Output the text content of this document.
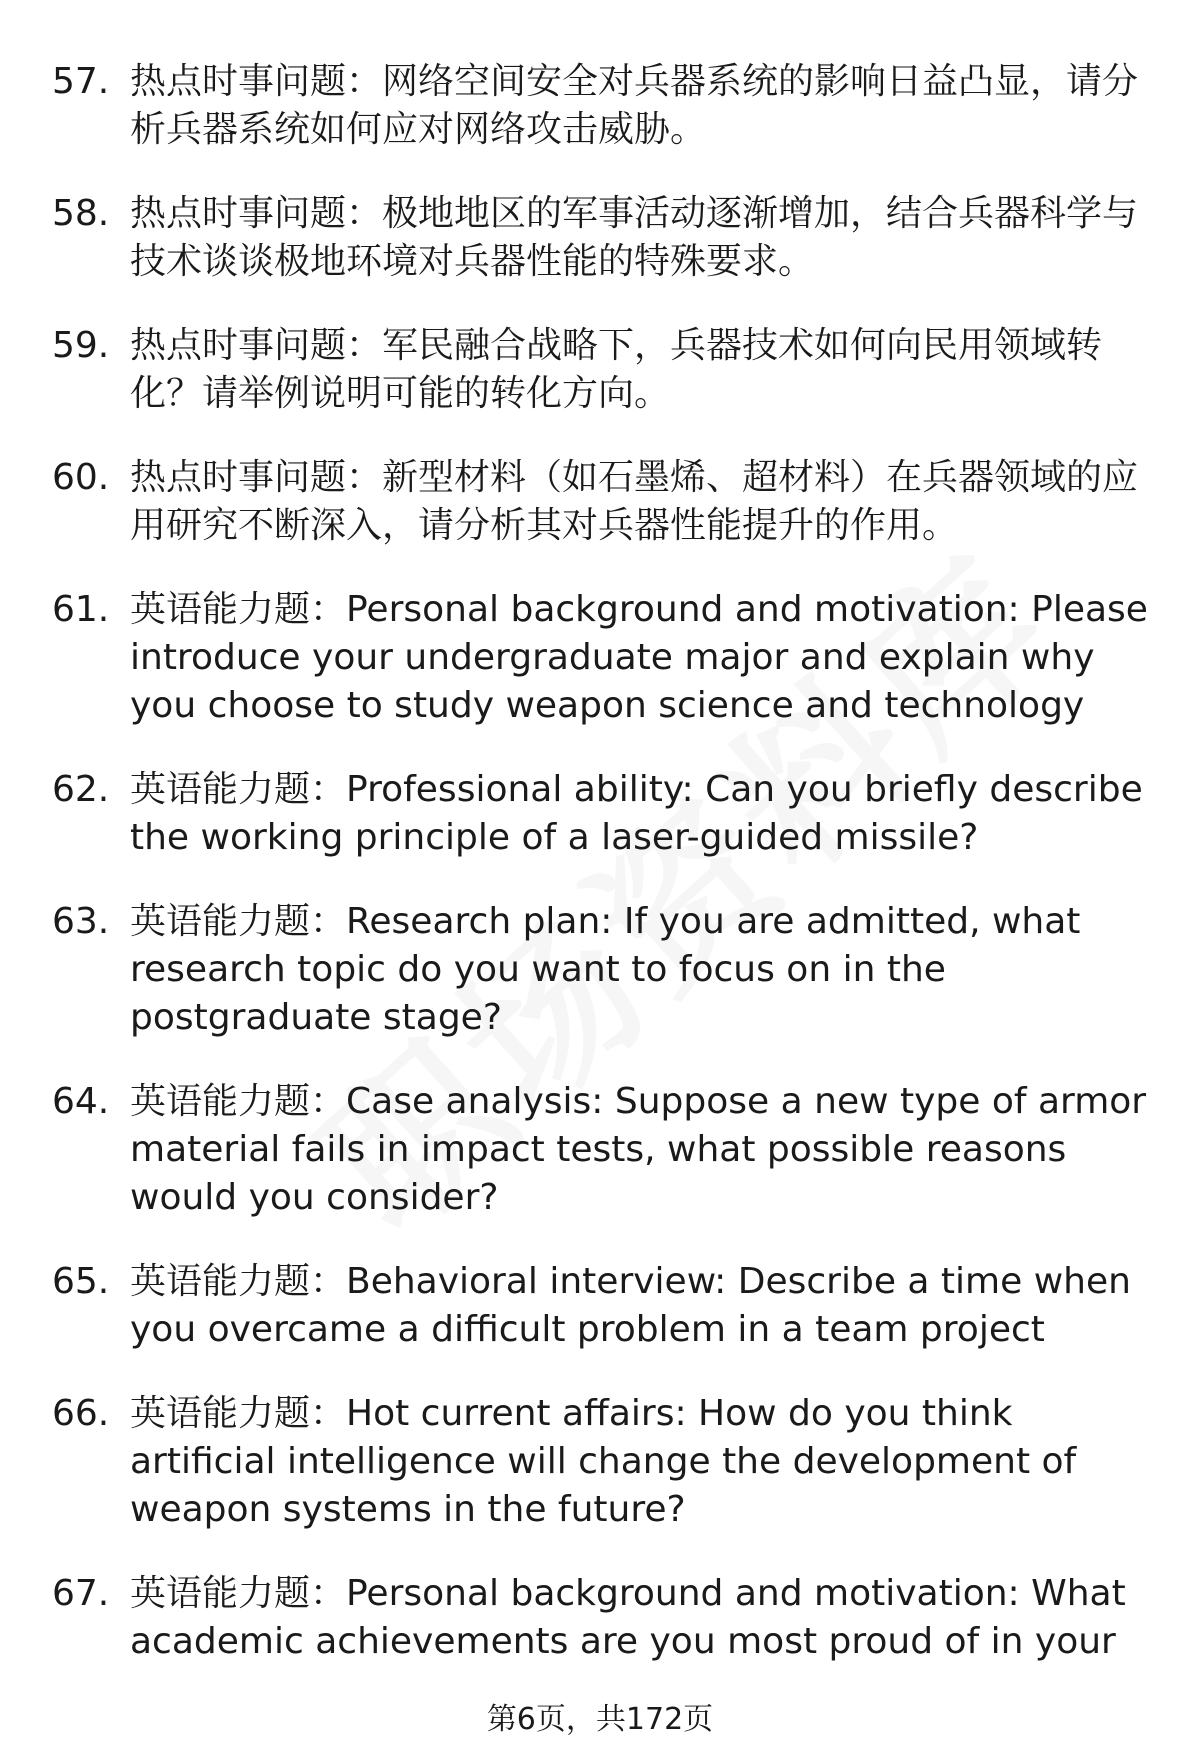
57. 热点时事问题：网络空间安全对兵器系统的影响日益凸显，请分析兵器系统如何应对网络攻击威胁。
58. 热点时事问题：极地地区的军事活动逐渐增加，结合兵器科学与技术谈谈极地环境对兵器性能的特殊要求。
59. 热点时事问题：军民融合战略下，兵器技术如何向民用领域转化？请举例说明可能的转化方向。
60. 热点时事问题：新型材料（如石墨烯、超材料）在兵器领域的应用研究不断深入，请分析其对兵器性能提升的作用。
61. 英语能力题：Personal background and motivation: Please introduce your undergraduate major and explain why you choose to study weapon science and technology
62. 英语能力题：Professional ability: Can you briefly describe the working principle of a laser-guided missile?
63. 英语能力题：Research plan: If you are admitted, what research topic do you want to focus on in the postgraduate stage?
64. 英语能力题：Case analysis: Suppose a new type of armor material fails in impact tests, what possible reasons would you consider?
65. 英语能力题：Behavioral interview: Describe a time when you overcame a difficult problem in a team project
66. 英语能力题：Hot current affairs: How do you think artificial intelligence will change the development of weapon systems in the future?
67. 英语能力题：Personal background and motivation: What academic achievements are you most proud of in your
第6页，共172页
